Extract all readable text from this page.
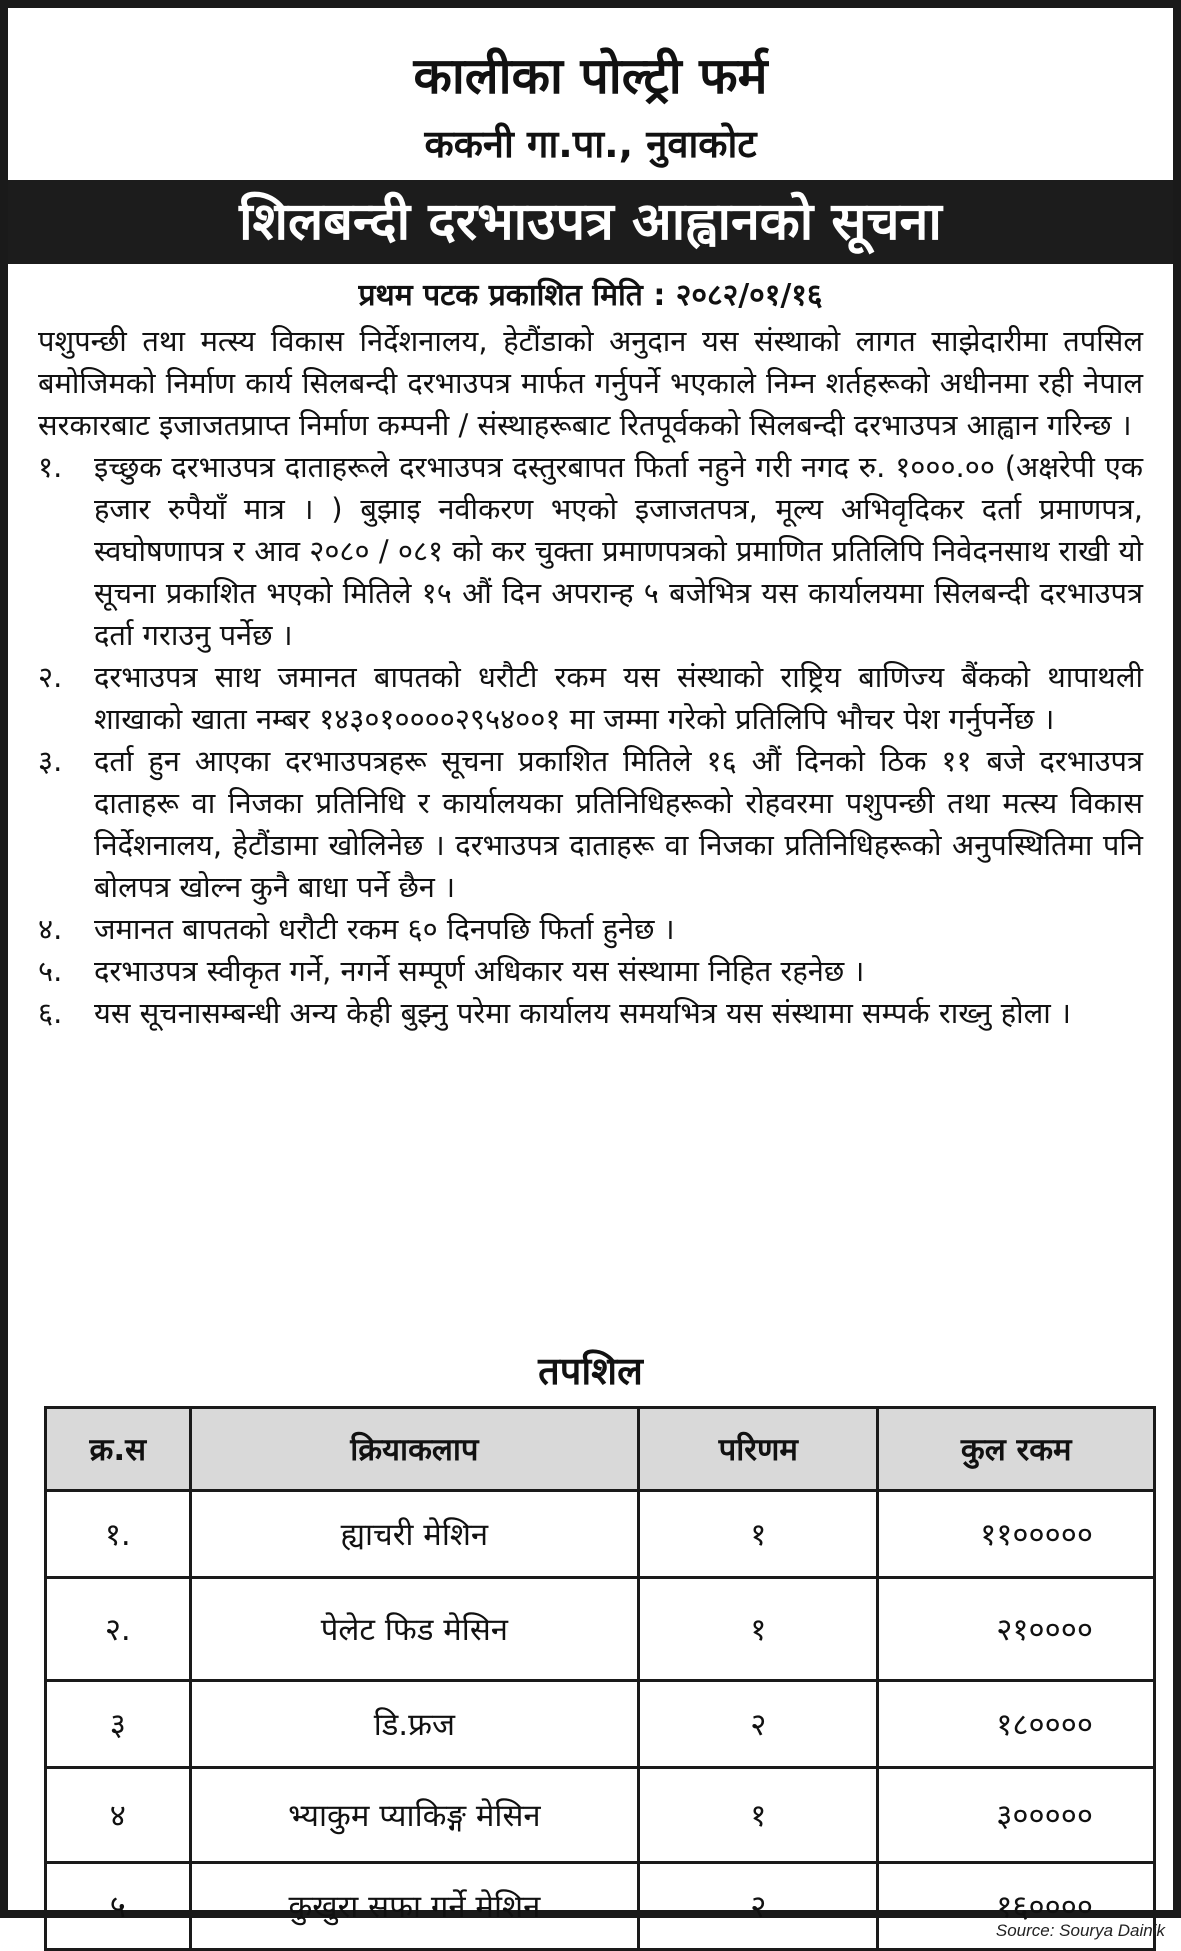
कालीका पोल्ट्री फर्म
ककनी गा.पा., नुवाकोट
शिलबन्दी दरभाउपत्र आह्वानको सूचना
प्रथम पटक प्रकाशित मिति : २०८२/०१/१६

पशुपन्छी तथा मत्स्य विकास निर्देशनालय, हेटौंडाको अनुदान यस संस्थाको लागत साझेदारीमा तपसिल बमोजिमको निर्माण कार्य सिलबन्दी दरभाउपत्र मार्फत गर्नुपर्ने भएकाले निम्न शर्तहरूको अधीनमा रही नेपाल सरकारबाट इजाजतप्राप्त निर्माण कम्पनी / संस्थाहरूबाट रितपूर्वकको सिलबन्दी दरभाउपत्र आह्वान गरिन्छ ।

१.	इच्छुक दरभाउपत्र दाताहरूले दरभाउपत्र दस्तुरबापत फिर्ता नहुने गरी नगद रु. १०००.०० (अक्षरेपी एक हजार रुपैयाँ मात्र । ) बुझाइ नवीकरण भएको इजाजतपत्र, मूल्य अभिवृदिकर दर्ता प्रमाणपत्र, स्वघोषणापत्र र आव २०८० / ०८१ को कर चुक्ता प्रमाणपत्रको प्रमाणित प्रतिलिपि निवेदनसाथ राखी यो सूचना प्रकाशित भएको मितिले १५ औं दिन अपरान्ह ५ बजेभित्र यस कार्यालयमा सिलबन्दी दरभाउपत्र दर्ता गराउनु पर्नेछ ।
२.	दरभाउपत्र साथ जमानत बापतको धरौटी रकम यस संस्थाको राष्ट्रिय बाणिज्य बैंकको थापाथली शाखाको खाता नम्बर १४३०१००००२९५४००१ मा जम्मा गरेको प्रतिलिपि भौचर पेश गर्नुपर्नेछ ।
३.	दर्ता हुन आएका दरभाउपत्रहरू सूचना प्रकाशित मितिले १६ औं दिनको ठिक ११ बजे दरभाउपत्र दाताहरू वा निजका प्रतिनिधि र कार्यालयका प्रतिनिधिहरूको रोहवरमा पशुपन्छी तथा मत्स्य विकास निर्देशनालय, हेटौंडामा खोलिनेछ । दरभाउपत्र दाताहरू वा निजका प्रतिनिधिहरूको अनुपस्थितिमा पनि बोलपत्र खोल्न कुनै बाधा पर्ने छैन ।
४.	जमानत बापतको धरौटी रकम ६० दिनपछि फिर्ता हुनेछ ।
५.	दरभाउपत्र स्वीकृत गर्ने, नगर्ने सम्पूर्ण अधिकार यस संस्थामा निहित रहनेछ ।
६.	यस सूचनासम्बन्धी अन्य केही बुझ्नु परेमा कार्यालय समयभित्र यस संस्थामा सम्पर्क राख्नु होला ।
तपशिल
क्र.स	क्रियाकलाप	परिणम	कुल रकम
१.	ह्याचरी मेशिन	१	११०००००
२.	पेलेट फिड मेसिन	१	२१००००
३	डि.फ्रज	२	१८००००
४	भ्याकुम प्याकिङ्ग मेसिन	१	३०००००
५	कुखुरा सफा गर्ने मेशिन	२	१६००००
Source: Sourya Dainik
